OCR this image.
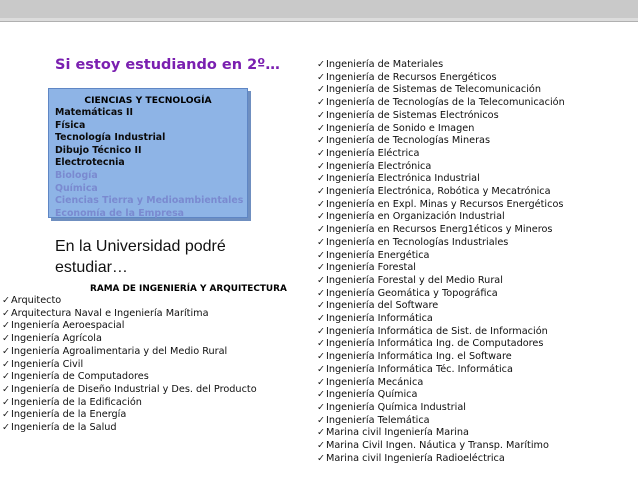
Si estoy estudiando en 2º…
CIENCIAS Y TECNOLOGÍA
Matemáticas II
Física
Tecnología Industrial
Dibujo Técnico II
Electrotecnia
Biología
Química
Ciencias Tierra y Medioambientales
Economía de la Empresa
En la Universidad podré
estudiar…
RAMA DE INGENIERÍA Y ARQUITECTURA
✓Arquitecto
✓Arquitectura Naval e Ingeniería Marítima
✓Ingeniería Aeroespacial
✓Ingeniería Agrícola
✓Ingeniería Agroalimentaria y del Medio Rural
✓Ingeniería Civil
✓Ingeniería de Computadores
✓Ingeniería de Diseño Industrial y Des. del Producto
✓Ingeniería de la Edificación
✓Ingeniería de la Energía
✓Ingeniería de la Salud
✓Ingeniería de Materiales
✓Ingeniería de Recursos Energéticos
✓Ingeniería de Sistemas de Telecomunicación
✓Ingeniería de Tecnologías de la Telecomunicación
✓Ingeniería de Sistemas Electrónicos
✓Ingeniería de Sonido e Imagen
✓Ingeniería de Tecnologías Mineras
✓Ingeniería Eléctrica
✓Ingeniería Electrónica
✓Ingeniería Electrónica Industrial
✓Ingeniería Electrónica, Robótica y Mecatrónica
✓Ingeniería en Expl. Minas y Recursos Energéticos
✓Ingeniería en Organización Industrial
✓Ingeniería en Recursos Energ1éticos y Mineros
✓Ingeniería en Tecnologías Industriales
✓Ingeniería Energética
✓Ingeniería Forestal
✓Ingeniería Forestal y del Medio Rural
✓Ingeniería Geomática y Topográfica
✓Ingeniería del Software
✓Ingeniería Informática
✓Ingeniería Informática de Sist. de Información
✓Ingeniería Informática Ing. de Computadores
✓Ingeniería Informática Ing. el Software
✓Ingeniería Informática Téc. Informática
✓Ingeniería Mecánica
✓Ingeniería Química
✓Ingeniería Química Industrial
✓Ingeniería Telemática
✓Marina civil Ingeniería Marina
✓Marina Civil Ingen. Náutica y Transp. Marítimo
✓Marina civil Ingeniería Radioeléctrica
